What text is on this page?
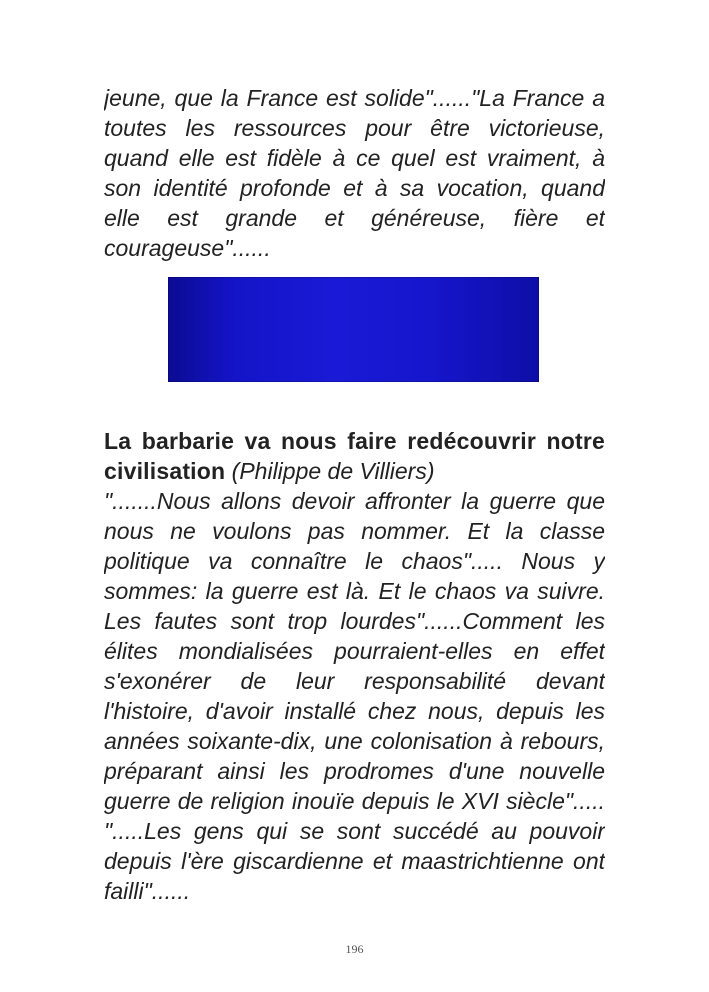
jeune, que la France est solide"......"La France a
toutes les ressources pour être victorieuse,
quand elle est fidèle à ce quel est vraiment, à
son identité profonde et à sa vocation, quand
elle est grande et généreuse, fière et
courageuse"......
La barbarie va nous faire redécouvrir notre
civilisation (Philippe de Villiers)
".......Nous allons devoir affronter la guerre que
nous ne voulons pas nommer. Et la classe
politique va connaître le chaos"..... Nous y
sommes: la guerre est là. Et le chaos va suivre.
Les fautes sont trop lourdes"......Comment les
élites mondialisées pourraient-elles en effet
s'exonérer de leur responsabilité devant
l'histoire, d'avoir installé chez nous, depuis les
années soixante-dix, une colonisation à rebours,
préparant ainsi les prodromes d'une nouvelle
guerre de religion inouïe depuis le XVI siècle".....
".....Les gens qui se sont succédé au pouvoir
depuis l'ère giscardienne et maastrichtienne ont
failli"......
196
